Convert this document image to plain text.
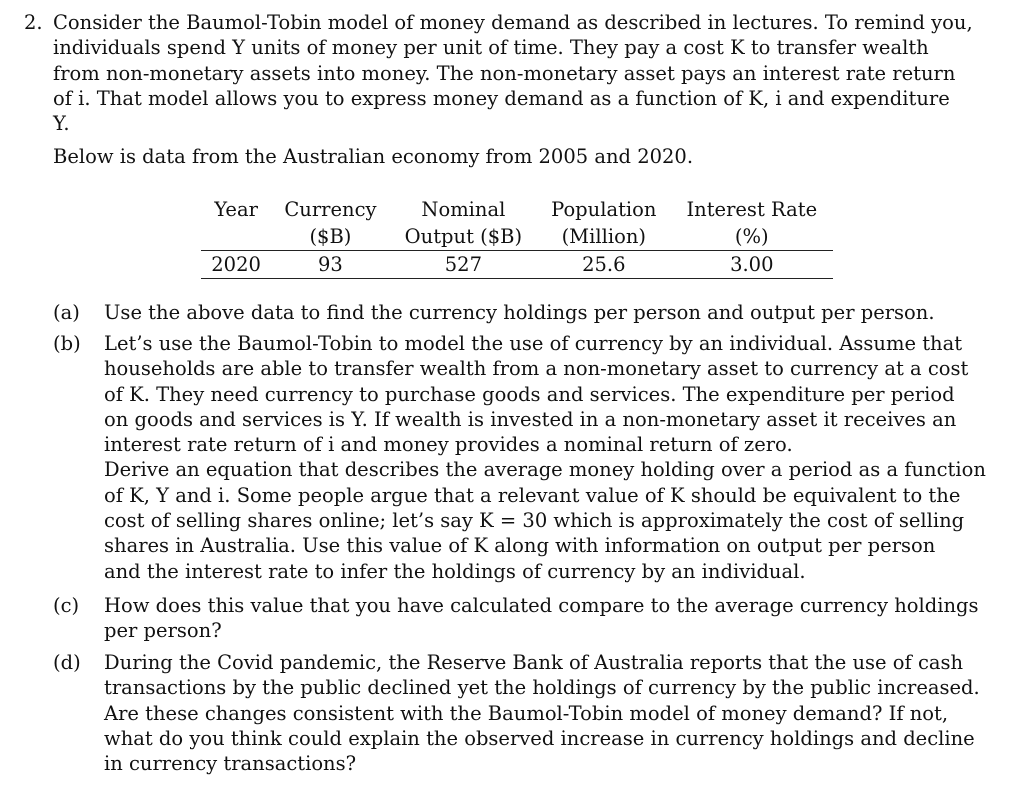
2. Consider the Baumol-Tobin model of money demand as described in lectures. To remind you,
individuals spend Y units of money per unit of time. They pay a cost K to transfer wealth
from non-monetary assets into money. The non-monetary asset pays an interest rate return
of i. That model allows you to express money demand as a function of K, i and expenditure
Y.
Below is data from the Australian economy from 2005 and 2020.
Year	Currency	Nominal	Population	Interest Rate
	($B)	Output ($B)	(Million)	(%)
2020	93	527	25.6	3.00
(a) Use the above data to find the currency holdings per person and output per person.
(b) Let’s use the Baumol-Tobin to model the use of currency by an individual. Assume that
households are able to transfer wealth from a non-monetary asset to currency at a cost
of K. They need currency to purchase goods and services. The expenditure per period
on goods and services is Y. If wealth is invested in a non-monetary asset it receives an
interest rate return of i and money provides a nominal return of zero.
Derive an equation that describes the average money holding over a period as a function
of K, Y and i. Some people argue that a relevant value of K should be equivalent to the
cost of selling shares online; let’s say K = 30 which is approximately the cost of selling
shares in Australia. Use this value of K along with information on output per person
and the interest rate to infer the holdings of currency by an individual.
(c) How does this value that you have calculated compare to the average currency holdings
per person?
(d) During the Covid pandemic, the Reserve Bank of Australia reports that the use of cash
transactions by the public declined yet the holdings of currency by the public increased.
Are these changes consistent with the Baumol-Tobin model of money demand? If not,
what do you think could explain the observed increase in currency holdings and decline
in currency transactions?
